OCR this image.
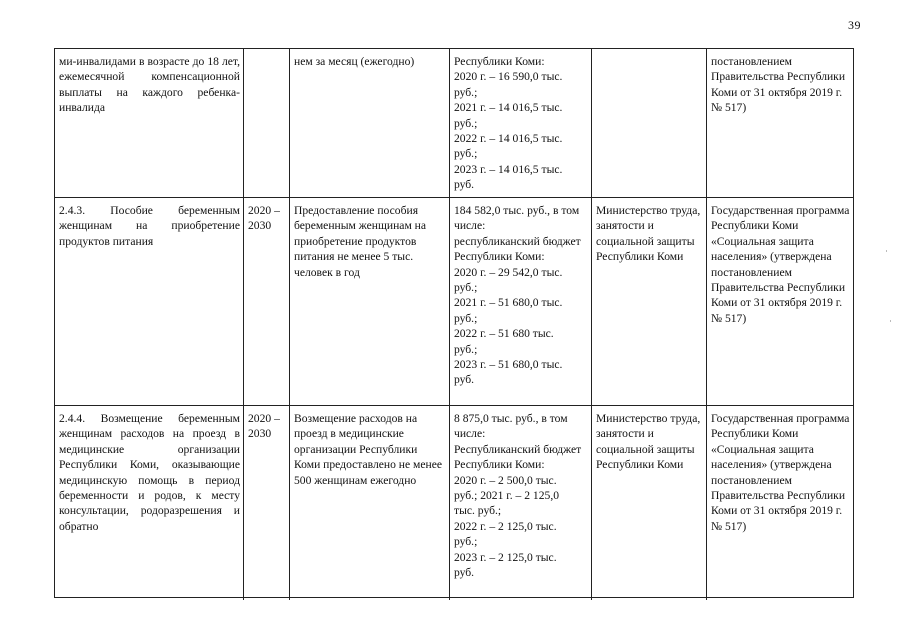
39
ми-инвалидами в возрасте до 18 лет, ежемесячной компенсационной выплаты на каждого ребенка-инвалида
нем за месяц (ежегодно)	Республики Коми:
2020 г. – 16 590,0 тыс.
руб.;
2021 г. – 14 016,5 тыс.
руб.;
2022 г. – 14 016,5 тыс.
руб.;
2023 г. – 14 016,5 тыс.
руб.
постановлением Правительства Республики Коми от 31 октября 2019 г.
№ 517)
2.4.3. Пособие беременным женщинам на приобретение продуктов питания
2020 –
2030
Предоставление пособия беременным женщинам на приобретение продуктов питания не менее 5 тыс. человек в год
184 582,0 тыс. руб., в том числе:
республиканский бюджет
Республики Коми:
2020 г. – 29 542,0 тыс.
руб.;
2021 г. – 51 680,0 тыс.
руб.;
2022 г. – 51 680 тыс.
руб.;
2023 г. – 51 680,0 тыс.
руб.
Министерство труда, занятости и социальной защиты Республики Коми
Государственная программа Республики Коми «Социальная защита населения» (утверждена постановлением Правительства Республики Коми от 31 октября 2019 г.
№ 517)
2.4.4. Возмещение беременным женщинам расходов на проезд в медицинские организации Республики Коми, оказывающие медицинскую помощь в период беременности и родов, к месту консультации, родоразрешения и обратно
2020 –
2030
Возмещение расходов на проезд в медицинские организации Республики Коми предоставлено не менее 500 женщинам ежегодно
8 875,0 тыс. руб., в том числе:
Республиканский бюджет
Республики Коми:
2020 г. – 2 500,0 тыс.
руб.; 2021 г. – 2 125,0
тыс. руб.;
2022 г. – 2 125,0 тыс.
руб.;
2023 г. – 2 125,0 тыс.
руб.
Министерство труда, занятости и социальной защиты Республики Коми
Государственная программа Республики Коми «Социальная защита населения» (утверждена постановлением Правительства Республики Коми от 31 октября 2019 г.
№ 517)
